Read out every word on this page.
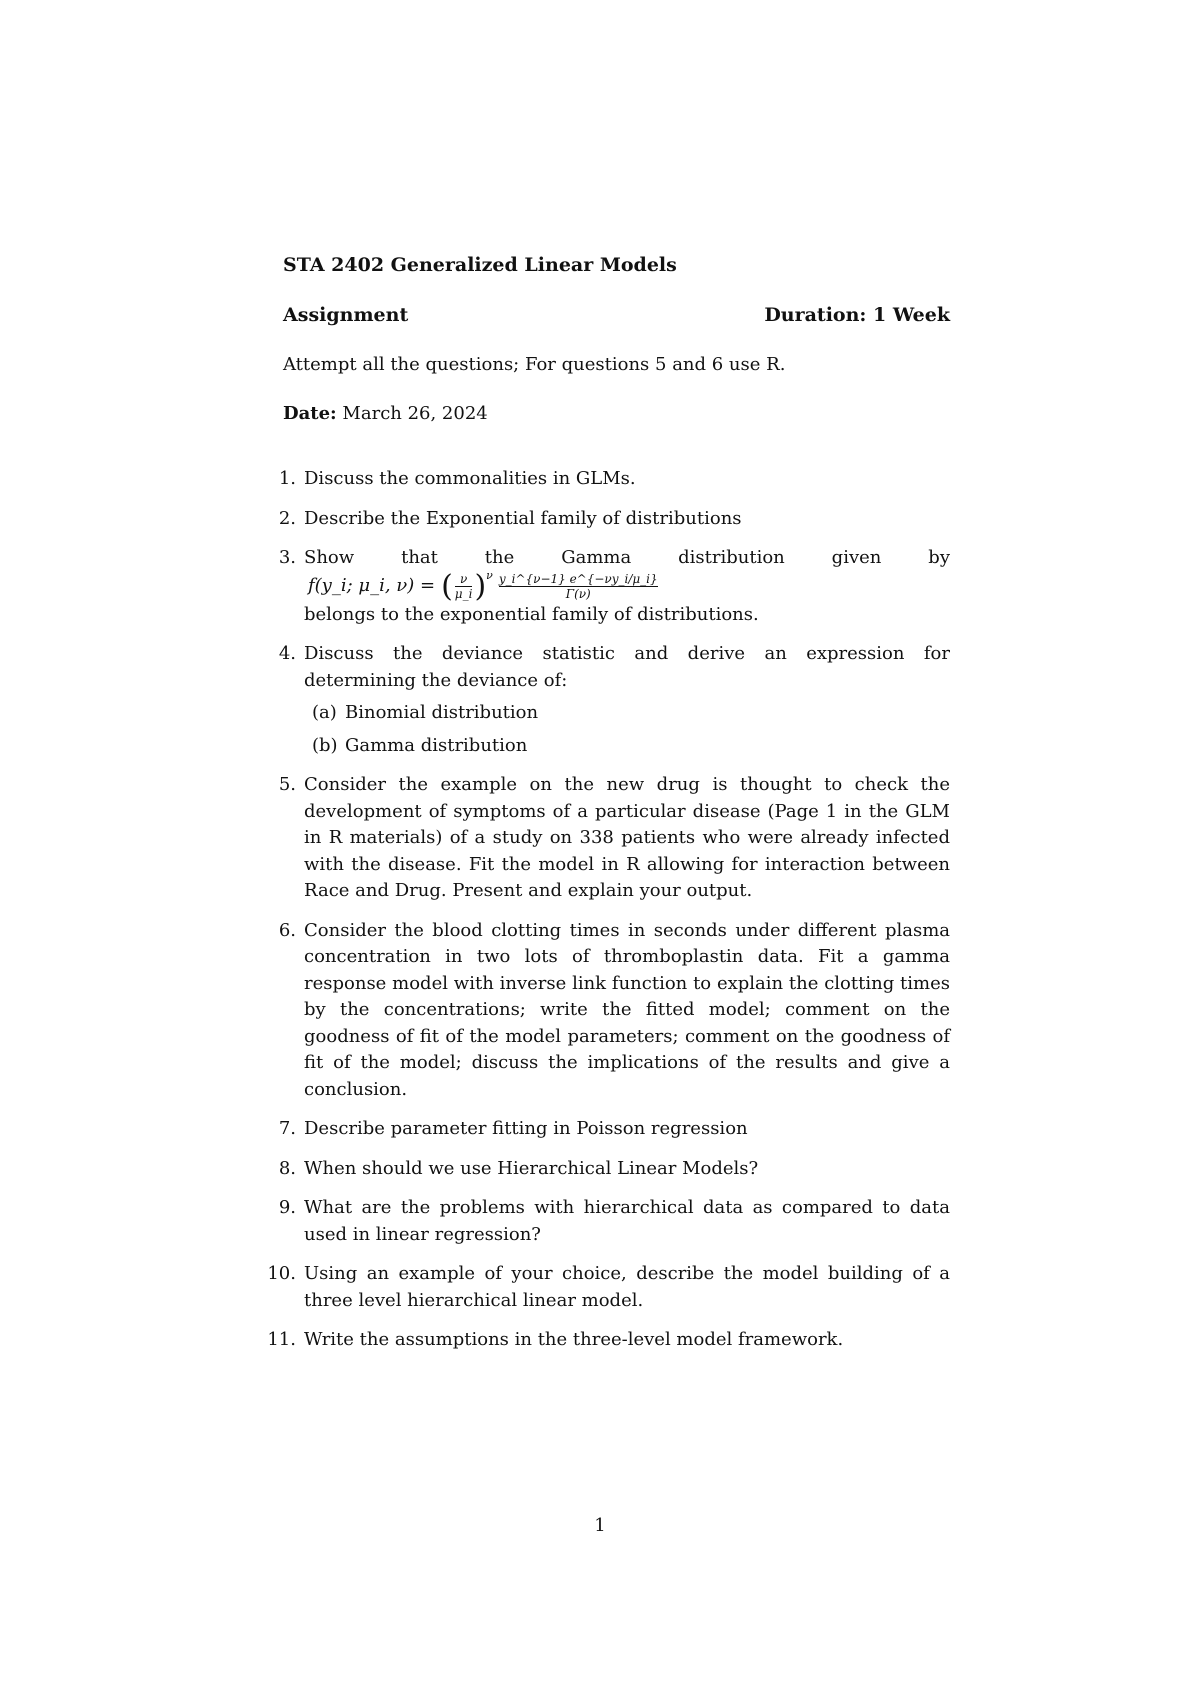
STA 2402 Generalized Linear Models
Assignment	Duration: 1 Week
Attempt all the questions; For questions 5 and 6 use R.
Date: March 26, 2024
1. Discuss the commonalities in GLMs.
2. Describe the Exponential family of distributions
3. Show that the Gamma distribution given by
f(y_i; μ_i, ν) = ( $\frac{\nu}{\mu\_i}$ ) ν $\frac{y\_i\^{}\{\nu-1\} e\^{}\{-\nu y\_i/\mu\_i\}}{\Gamma(\nu)}$

belongs to the exponential family of distributions.
4. Discuss the deviance statistic and derive an expression for determining the deviance of:
(a) Binomial distribution
(b) Gamma distribution
5. Consider the example on the new drug is thought to check the development of symptoms of a particular disease (Page 1 in the GLM in R materials) of a study on 338 patients who were already infected with the disease. Fit the model in R allowing for interaction between Race and Drug. Present and explain your output.
6. Consider the blood clotting times in seconds under different plasma concentration in two lots of thromboplastin data. Fit a gamma response model with inverse link function to explain the clotting times by the concentrations; write the fitted model; comment on the goodness of fit of the model parameters; comment on the goodness of fit of the model; discuss the implications of the results and give a conclusion.
7. Describe parameter fitting in Poisson regression
8. When should we use Hierarchical Linear Models?
9. What are the problems with hierarchical data as compared to data used in linear regression?
10. Using an example of your choice, describe the model building of a three level hierarchical linear model.
11. Write the assumptions in the three-level model framework.
1
